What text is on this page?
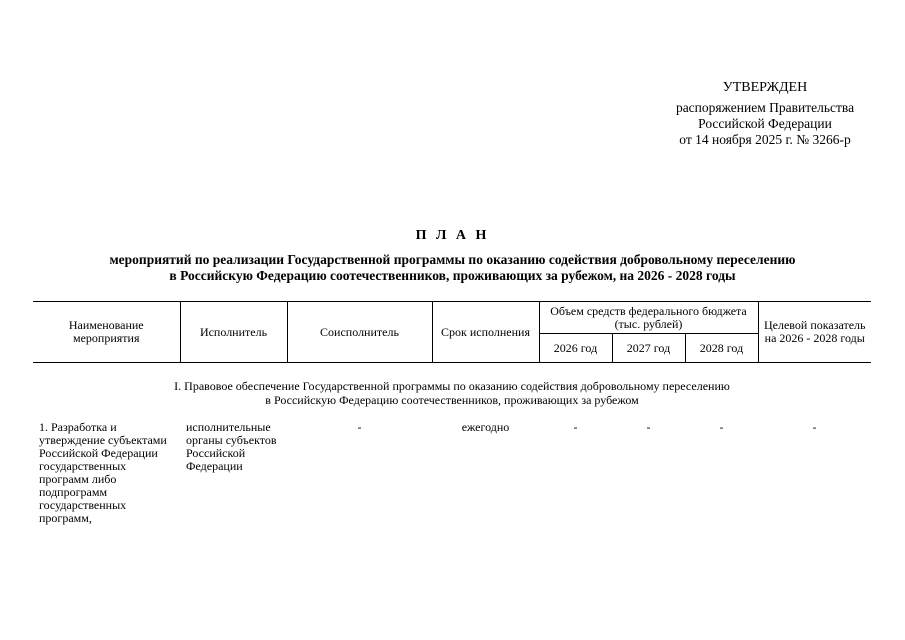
УТВЕРЖДЕН
распоряжением Правительства
Российской Федерации
от 14 ноября 2025 г. № 3266-р
П Л А Н
мероприятий по реализации Государственной программы по оказанию содействия добровольному переселению
в Российскую Федерацию соотечественников, проживающих за рубежом, на 2026 - 2028 годы
Наименование мероприятия	Исполнитель	Соисполнитель	Срок исполнения	Объем средств федерального бюджета (тыс. рублей)			Целевой показатель на 2026 - 2028 годы
				2026 год	2027 год	2028 год	

I. Правовое обеспечение Государственной программы по оказанию содействия добровольному переселению
в Российскую Федерацию соотечественников, проживающих за рубежом							

1. Разработка и утверждение субъектами Российской Федерации государственных программ либо подпрограмм государственных программ,	исполнительные органы субъектов Российской Федерации	-	ежегодно	-	-	-	-
